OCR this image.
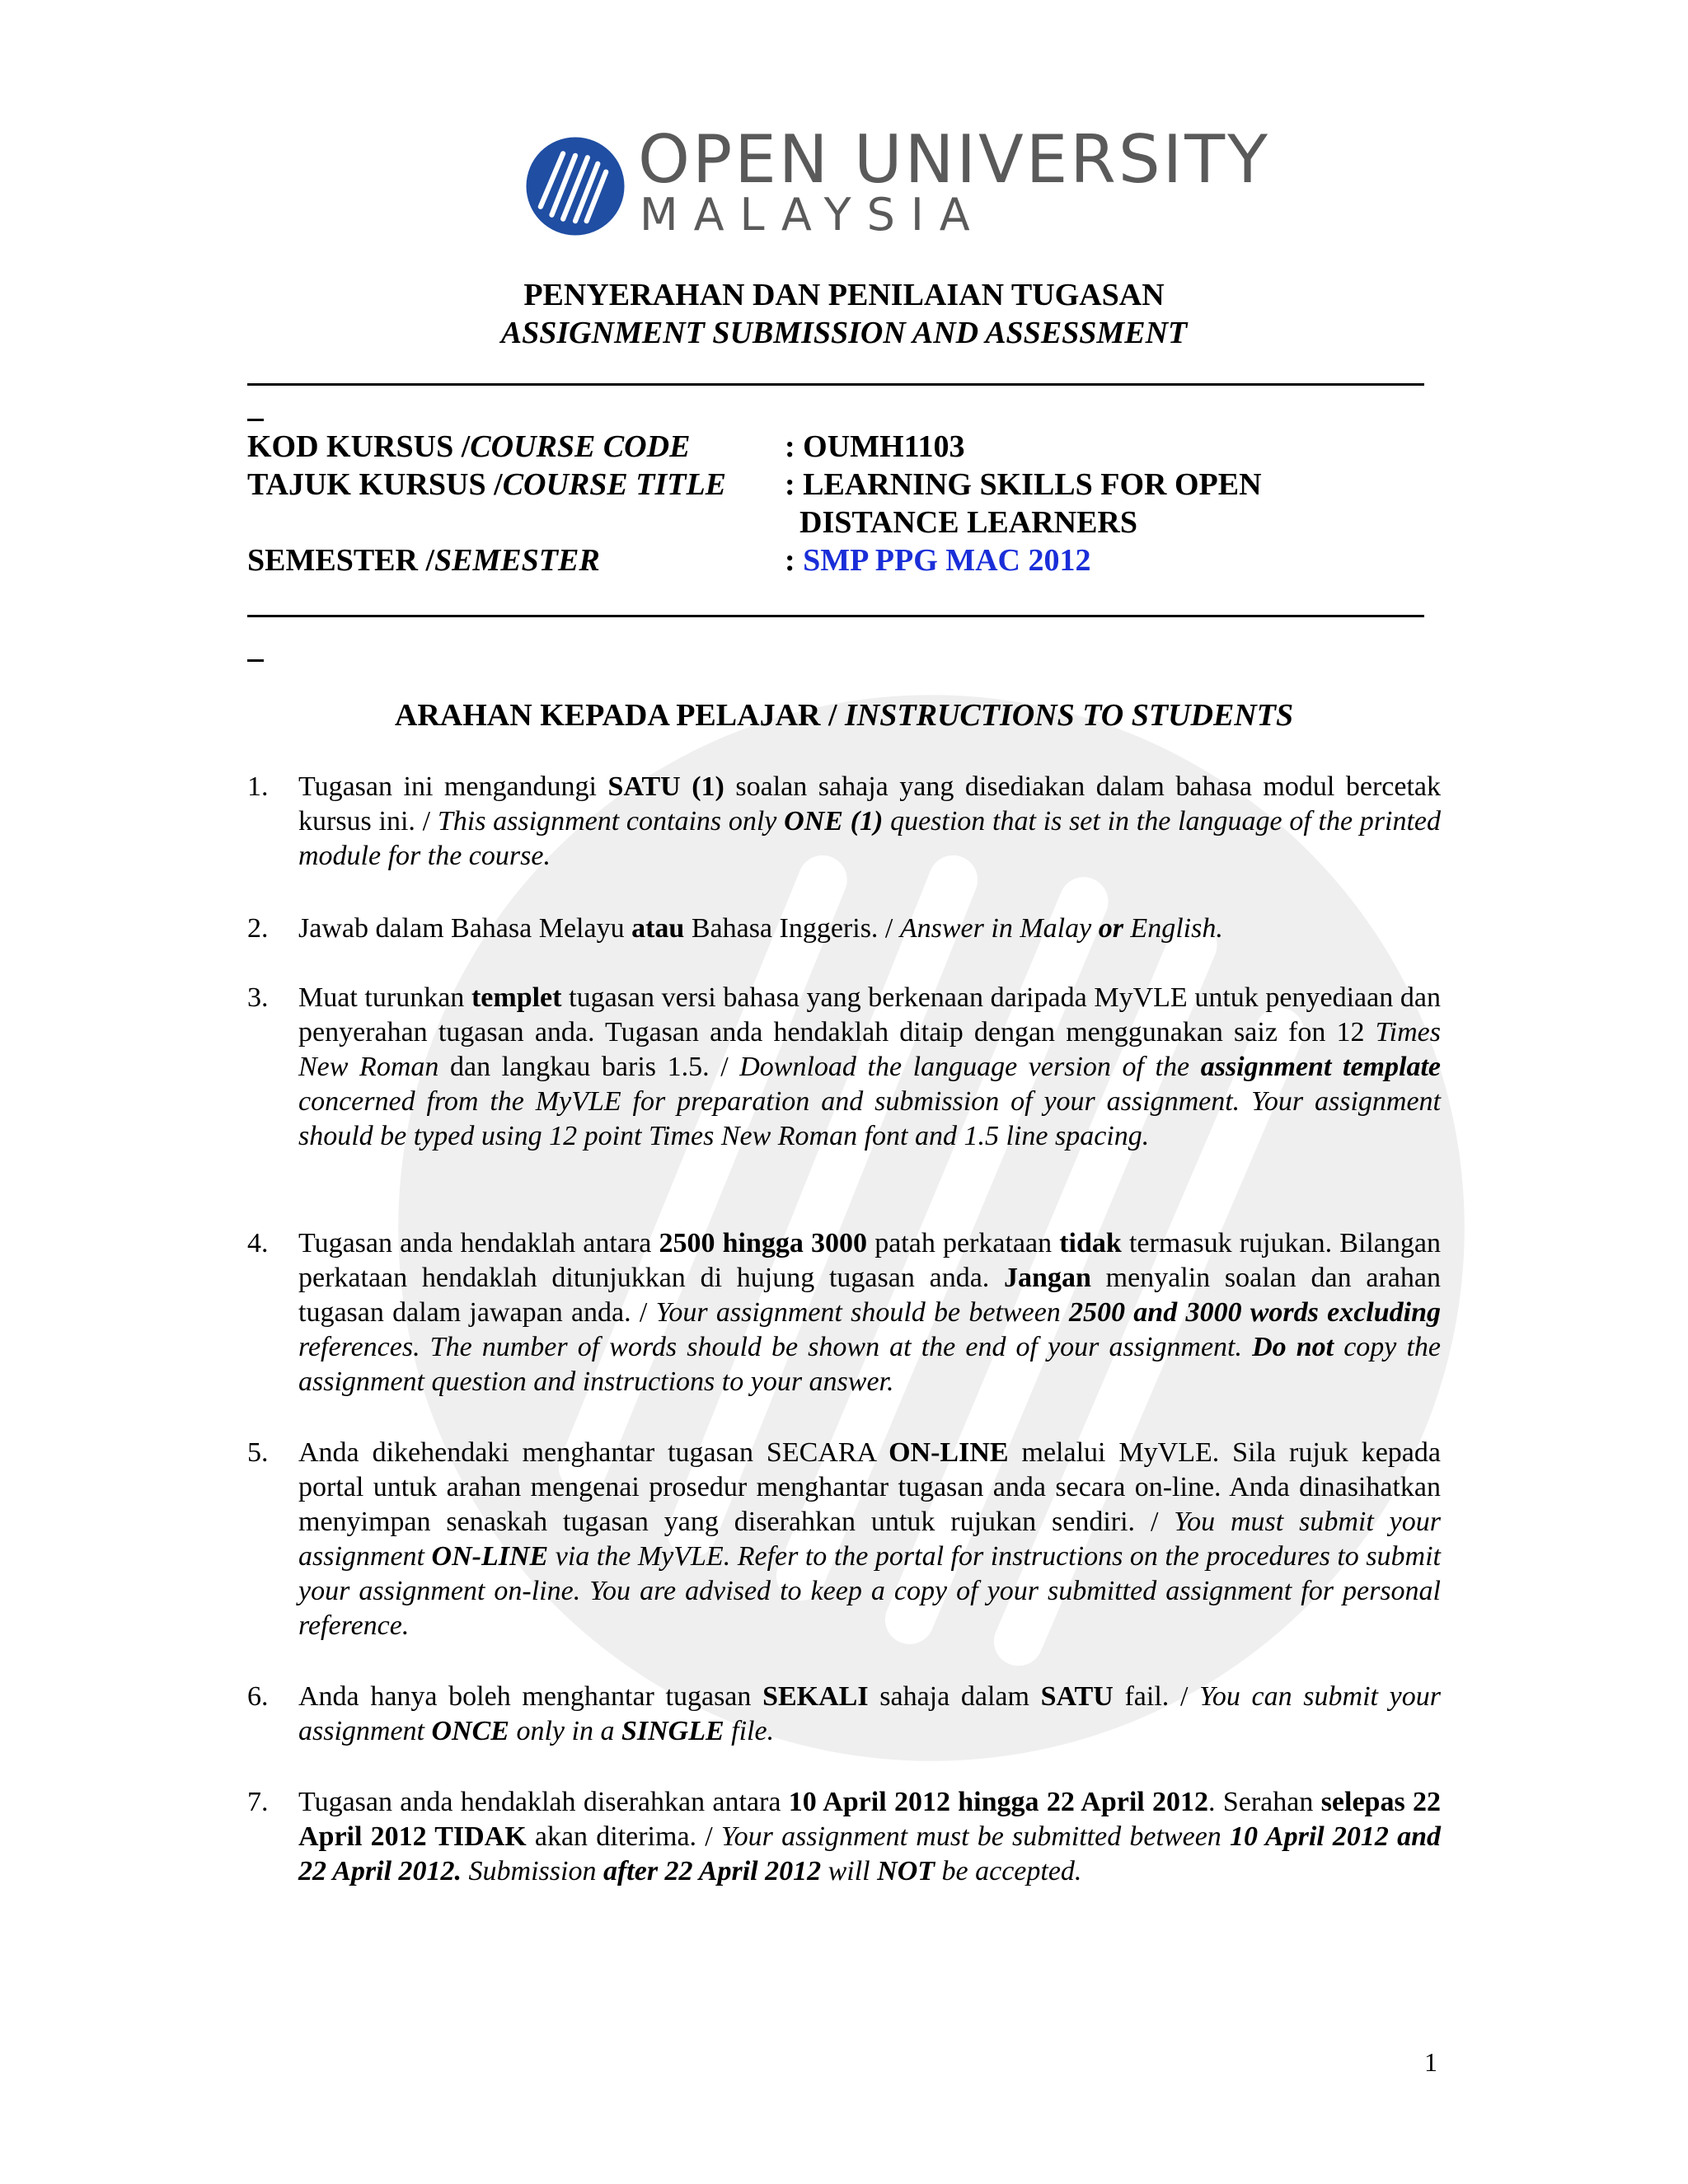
OPEN UNIVERSITY
MALAYSIA
PENYERAHAN DAN PENILAIAN TUGASAN
ASSIGNMENT SUBMISSION AND ASSESSMENT
KOD KURSUS /COURSE CODE	: OUMH1103
TAJUK KURSUS /COURSE TITLE : LEARNING SKILLS FOR OPEN
DISTANCE LEARNERS
SEMESTER /SEMESTER	: SMP PPG MAC 2012
ARAHAN KEPADA PELAJAR / INSTRUCTIONS TO STUDENTS
1. Tugasan ini mengandungi SATU (1) soalan sahaja yang disediakan dalam bahasa modul bercetak kursus ini. / This assignment contains only ONE (1) question that is set in the language of the printed module for the course.
2. Jawab dalam Bahasa Melayu atau Bahasa Inggeris. / Answer in Malay or English.
3. Muat turunkan templet tugasan versi bahasa yang berkenaan daripada MyVLE untuk penyediaan dan penyerahan tugasan anda. Tugasan anda hendaklah ditaip dengan menggunakan saiz fon 12 Times New Roman dan langkau baris 1.5. / Download the language version of the assignment template concerned from the MyVLE for preparation and submission of your assignment. Your assignment should be typed using 12 point Times New Roman font and 1.5 line spacing.
4. Tugasan anda hendaklah antara 2500 hingga 3000 patah perkataan tidak termasuk rujukan. Bilangan perkataan hendaklah ditunjukkan di hujung tugasan anda. Jangan menyalin soalan dan arahan tugasan dalam jawapan anda. / Your assignment should be between 2500 and 3000 words excluding references. The number of words should be shown at the end of your assignment. Do not copy the assignment question and instructions to your answer.
5. Anda dikehendaki menghantar tugasan SECARA ON-LINE melalui MyVLE. Sila rujuk kepada portal untuk arahan mengenai prosedur menghantar tugasan anda secara on-line. Anda dinasihatkan menyimpan senaskah tugasan yang diserahkan untuk rujukan sendiri. / You must submit your assignment ON-LINE via the MyVLE. Refer to the portal for instructions on the procedures to submit your assignment on-line. You are advised to keep a copy of your submitted assignment for personal reference.
6. Anda hanya boleh menghantar tugasan SEKALI sahaja dalam SATU fail. / You can submit your assignment ONCE only in a SINGLE file.
7. Tugasan anda hendaklah diserahkan antara 10 April 2012 hingga 22 April 2012. Serahan selepas 22 April 2012 TIDAK akan diterima. / Your assignment must be submitted between 10 April 2012 and 22 April 2012. Submission after 22 April 2012 will NOT be accepted.
1
